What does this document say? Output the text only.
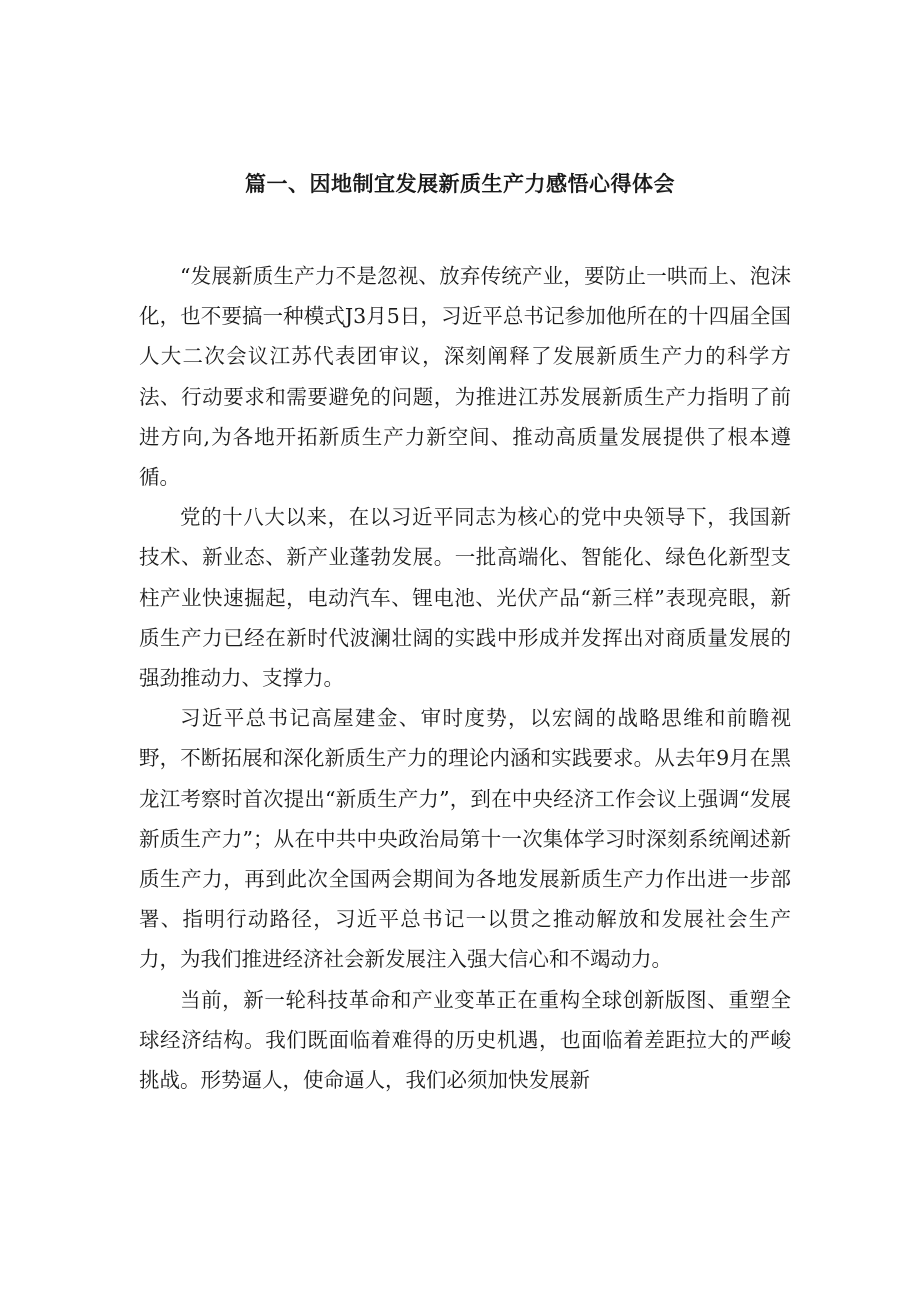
篇一、因地制宜发展新质生产力感悟心得体会

“发展新质生产力不是忽视、放弃传统产业，要防止一哄而上、泡沫化，也不要搞一种模式J3月5日，习近平总书记参加他所在的十四届全国人大二次会议江苏代表团审议，深刻阐释了发展新质生产力的科学方法、行动要求和需要避免的问题，为推进江苏发展新质生产力指明了前进方向,为各地开拓新质生产力新空间、推动高质量发展提供了根本遵循。

党的十八大以来，在以习近平同志为核心的党中央领导下，我国新技术、新业态、新产业蓬勃发展。一批高端化、智能化、绿色化新型支柱产业快速掘起，电动汽车、锂电池、光伏产品“新三样”表现亮眼，新质生产力已经在新时代波澜壮阔的实践中形成并发挥出对商质量发展的强劲推动力、支撑力。

习近平总书记高屋建金、审时度势，以宏阔的战略思维和前瞻视野，不断拓展和深化新质生产力的理论内涵和实践要求。从去年9月在黑龙江考察时首次提出“新质生产力”，到在中央经济工作会议上强调“发展新质生产力”；从在中共中央政治局第十一次集体学习时深刻系统阐述新质生产力，再到此次全国两会期间为各地发展新质生产力作出进一步部署、指明行动路径，习近平总书记一以贯之推动解放和发展社会生产力，为我们推进经济社会新发展注入强大信心和不竭动力。

当前，新一轮科技革命和产业变革正在重构全球创新版图、重塑全球经济结构。我们既面临着难得的历史机遇，也面临着差距拉大的严峻挑战。形势逼人，使命逼人，我们必须加快发展新
